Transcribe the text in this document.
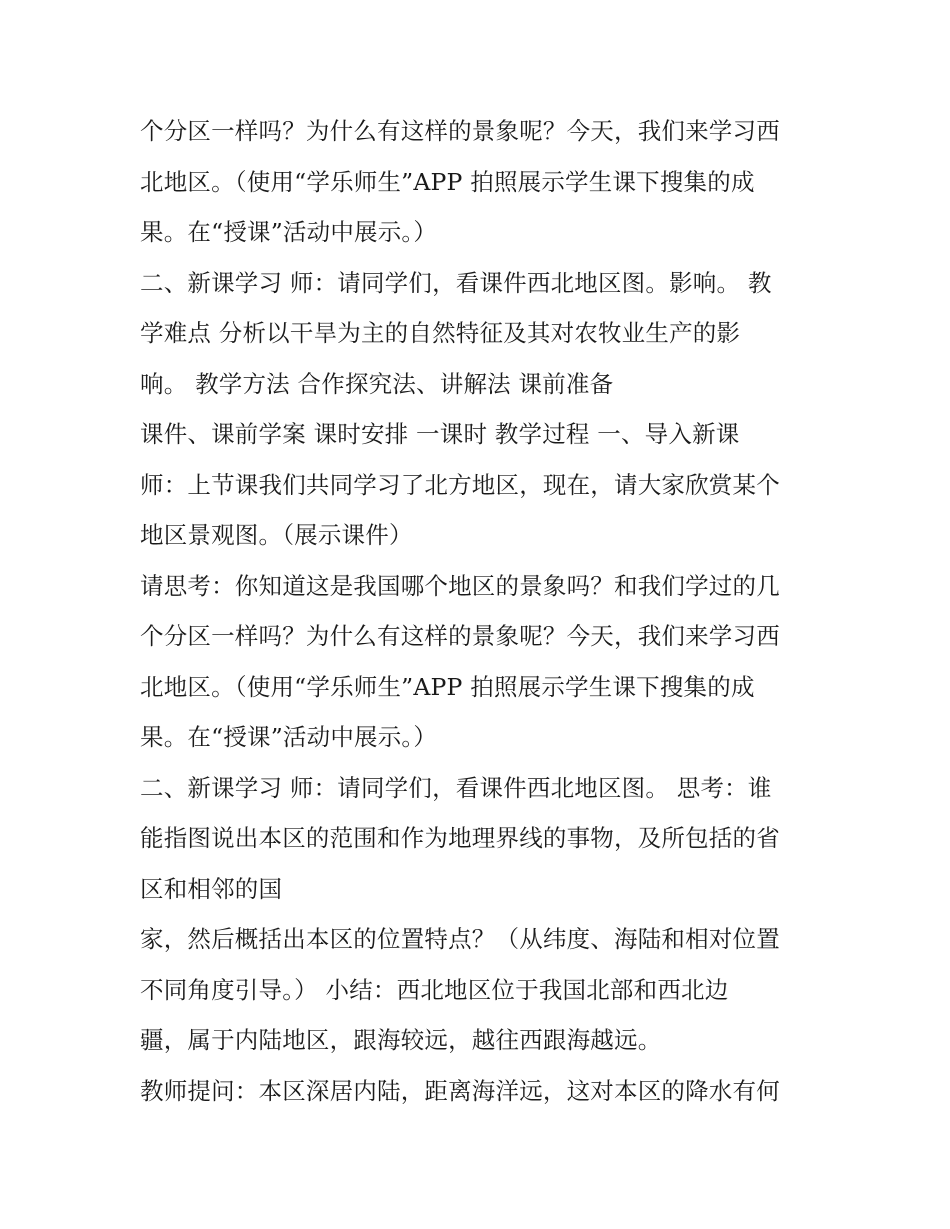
个分区一样吗？为什么有这样的景象呢？今天，我们来学习西
北地区。（使用“学乐师生”APP 拍照展示学生课下搜集的成
果。在“授课”活动中展示。）
二、新课学习 师：请同学们，看课件西北地区图。影响。 教
学难点 分析以干旱为主的自然特征及其对农牧业生产的影
响。 教学方法 合作探究法、讲解法 课前准备
课件、课前学案 课时安排 一课时 教学过程 一、导入新课
师：上节课我们共同学习了北方地区，现在，请大家欣赏某个
地区景观图。（展示课件）
请思考：你知道这是我国哪个地区的景象吗？和我们学过的几
个分区一样吗？为什么有这样的景象呢？今天，我们来学习西
北地区。（使用“学乐师生”APP 拍照展示学生课下搜集的成
果。在“授课”活动中展示。）
二、新课学习 师：请同学们，看课件西北地区图。 思考：谁
能指图说出本区的范围和作为地理界线的事物，及所包括的省
区和相邻的国
家，然后概括出本区的位置特点？（从纬度、海陆和相对位置
不同角度引导。） 小结：西北地区位于我国北部和西北边
疆，属于内陆地区，跟海较远，越往西跟海越远。
教师提问：本区深居内陆，距离海洋远，这对本区的降水有何
